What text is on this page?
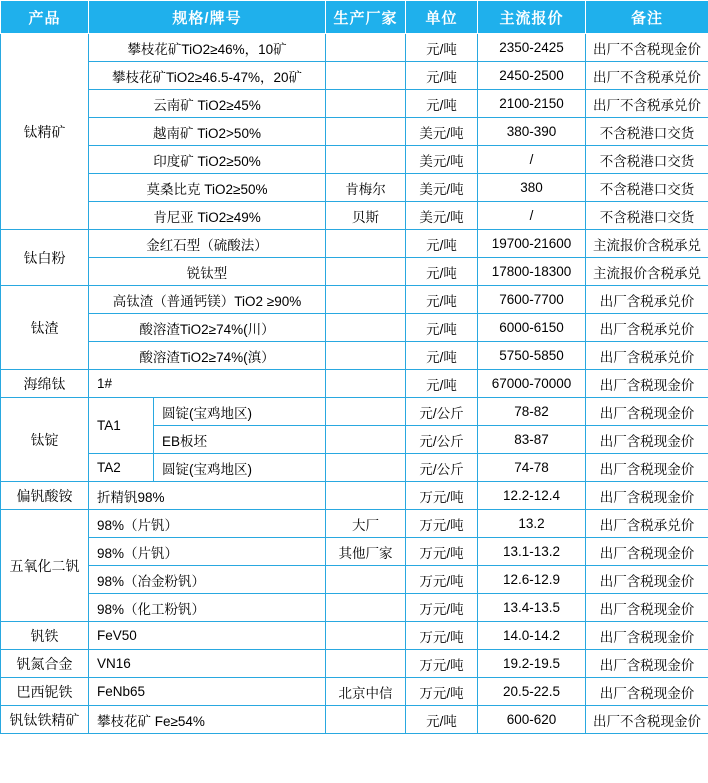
产品	规格/牌号		生产厂家	单位	主流报价	备注
钛精矿	攀枝花矿TiO2≥46%，10矿			元/吨	2350-2425	出厂不含税现金价
	攀枝花矿TiO2≥46.5-47%，20矿			元/吨	2450-2500	出厂不含税承兑价
	云南矿 TiO2≥45%			元/吨	2100-2150	出厂不含税承兑价
	越南矿 TiO2>50%			美元/吨	380-390	不含税港口交货
	印度矿 TiO2≥50%			美元/吨	/	不含税港口交货
	莫桑比克 TiO2≥50%		肯梅尔	美元/吨	380	不含税港口交货
	肯尼亚 TiO2≥49%		贝斯	美元/吨	/	不含税港口交货
钛白粉	金红石型（硫酸法）			元/吨	19700-21600	主流报价含税承兑
	锐钛型			元/吨	17800-18300	主流报价含税承兑
钛渣	高钛渣（普通钙镁）TiO2 ≥90%			元/吨	7600-7700	出厂含税承兑价
	酸溶渣TiO2≥74%(川）			元/吨	6000-6150	出厂含税承兑价
	酸溶渣TiO2≥74%(滇）			元/吨	5750-5850	出厂含税承兑价
海绵钛	1#			元/吨	67000-70000	出厂含税现金价
钛锭	TA1	圆锭(宝鸡地区)		元/公斤	78-82	出厂含税现金价
		EB板坯		元/公斤	83-87	出厂含税现金价
	TA2	圆锭(宝鸡地区)		元/公斤	74-78	出厂含税现金价
偏钒酸铵	折精钒98%			万元/吨	12.2-12.4	出厂含税现金价
五氧化二钒	98%（片钒）		大厂	万元/吨	13.2	出厂含税承兑价
	98%（片钒）		其他厂家	万元/吨	13.1-13.2	出厂含税现金价
	98%（冶金粉钒）			万元/吨	12.6-12.9	出厂含税现金价
	98%（化工粉钒）			万元/吨	13.4-13.5	出厂含税现金价
钒铁	FeV50			万元/吨	14.0-14.2	出厂含税现金价
钒氮合金	VN16			万元/吨	19.2-19.5	出厂含税现金价
巴西铌铁	FeNb65		北京中信	万元/吨	20.5-22.5	出厂含税现金价
钒钛铁精矿	攀枝花矿 Fe≥54%			元/吨	600-620	出厂不含税现金价
